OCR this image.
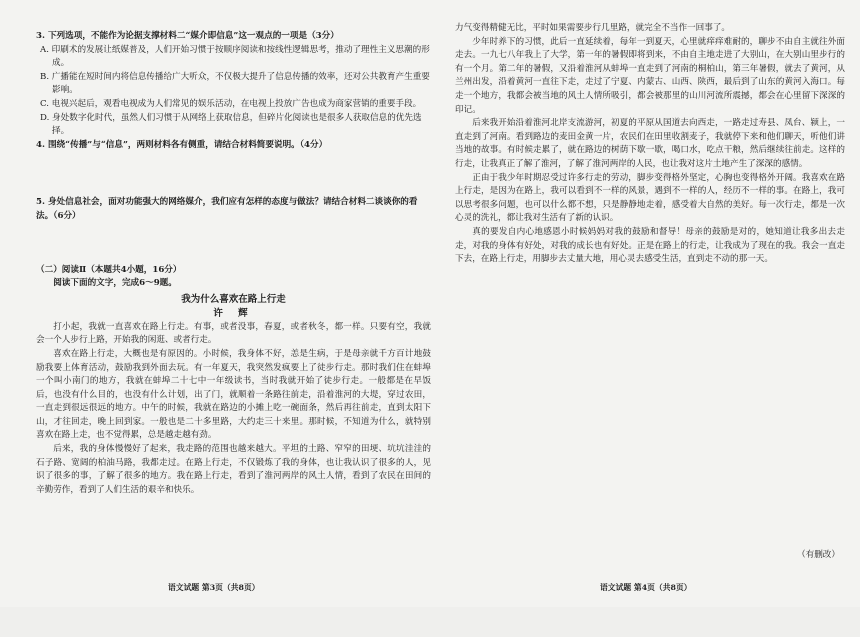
3. 下列选项，不能作为论据支撑材料二“媒介即信息”这一观点的一项是（3分）

A. 印刷术的发展让纸媒普及，人们开始习惯于按顺序阅读和按线性逻辑思考，推动了理性主义思潮的形成。

B. 广播能在短时间内将信息传播给广大听众，不仅极大提升了信息传播的效率，还对公共教育产生重要影响。

C. 电视兴起后，观看电视成为人们常见的娱乐活动，在电视上投放广告也成为商家营销的重要手段。

D. 身处数字化时代，虽然人们习惯于从网络上获取信息，但碎片化阅读也是很多人获取信息的优先选择。

4. 围绕“传播”与“信息”，两则材料各有侧重，请结合材料简要说明。（4分）

5. 身处信息社会，面对功能强大的网络媒介，我们应有怎样的态度与做法？请结合材料二谈谈你的看法。（6分）

（二）阅读Ⅱ（本题共4小题，16分）

阅读下面的文字，完成6～9题。

我为什么喜欢在路上行走

许 辉

打小起，我就一直喜欢在路上行走。有事，或者没事，春夏，或者秋冬，都一样。只要有空，我就会一个人步行上路，开始我的闲逛、或者行走。

喜欢在路上行走，大概也是有原因的。小时候，我身体不好，恙是生病，于是母亲就千方百计地鼓励我要上体育活动，鼓励我到外面去玩。有一年夏天，我突然发疯要上了徒步行走。那时我们住在蚌埠一个叫小南门的地方，我就在蚌埠二十七中一年级读书，当时我就开始了徒步行走。一般都是在早饭后，也没有什么目的，也没有什么计划，出了门，就顺着一条路往前走，沿着淮河的大堤，穿过农田，一直走到很远很远的地方。中午的时候，我就在路边的小摊上吃一碗面条，然后再往前走，直到太阳下山，才往回走，晚上回到家。一般也是二十多里路，大约走三十来里。那时候，不知道为什么，就特别喜欢在路上走，也不觉得累，总是越走越有劲。

后来，我的身体慢慢好了起来，我走路的范围也越来越大。平坦的土路、窄窄的田埂、坑坑洼洼的石子路、宽阔的柏油马路，我都走过。在路上行走，不仅锻炼了我的身体，也让我认识了很多的人，见识了很多的事，了解了很多的地方。我在路上行走，看到了淮河两岸的风土人情，看到了农民在田间的辛勤劳作，看到了人们生活的艰辛和快乐。

语文试题 第3页（共8页）

力气变得精健无比，平时如果需要步行几里路，就完全不当作一回事了。

少年时养下的习惯，此后一直延续着，每年一到夏天，心里就痒痒难耐的，聊步不由自主就往外面走去。一九七八年我上了大学，第一年的暑假即将到来，不由自主地走进了大别山，在大别山里步行的有一个月。第二年的暑假，又沿着淮河从蚌埠一直走到了河南的桐柏山，第三年暑假，就去了黄河，从兰州出发，沿着黄河一直往下走，走过了宁夏、内蒙古、山西、陕西，最后到了山东的黄河入海口。每走一个地方，我都会被当地的风土人情所吸引，都会被那里的山川河流所震撼，都会在心里留下深深的印记。

后来我开始沿着淮河北岸支流游河，初夏的平原从国道去向西走，一路走过寿县、凤台、颍上，一直走到了河南。看到路边的麦田金黄一片，农民们在田里收割麦子，我就停下来和他们聊天，听他们讲当地的故事。有时候走累了，就在路边的树荫下歇一歇，喝口水，吃点干粮，然后继续往前走。这样的行走，让我真正了解了淮河，了解了淮河两岸的人民，也让我对这片土地产生了深深的感情。

正由于我少年时期忍受过许多行走的劳动，脚步变得格外坚定，心胸也变得格外开阔。我喜欢在路上行走，是因为在路上，我可以看到不一样的风景，遇到不一样的人，经历不一样的事。在路上，我可以思考很多问题，也可以什么都不想，只是静静地走着，感受着大自然的美好。每一次行走，都是一次心灵的洗礼，都让我对生活有了新的认识。

真的要发自内心地感恩小时候妈妈对我的鼓励和督导！母亲的鼓励是对的，她知道让我多出去走走，对我的身体有好处，对我的成长也有好处。正是在路上的行走，让我成为了现在的我。我会一直走下去，在路上行走，用脚步去丈量大地，用心灵去感受生活，直到走不动的那一天。

（有删改）
语文试题 第4页（共8页）
